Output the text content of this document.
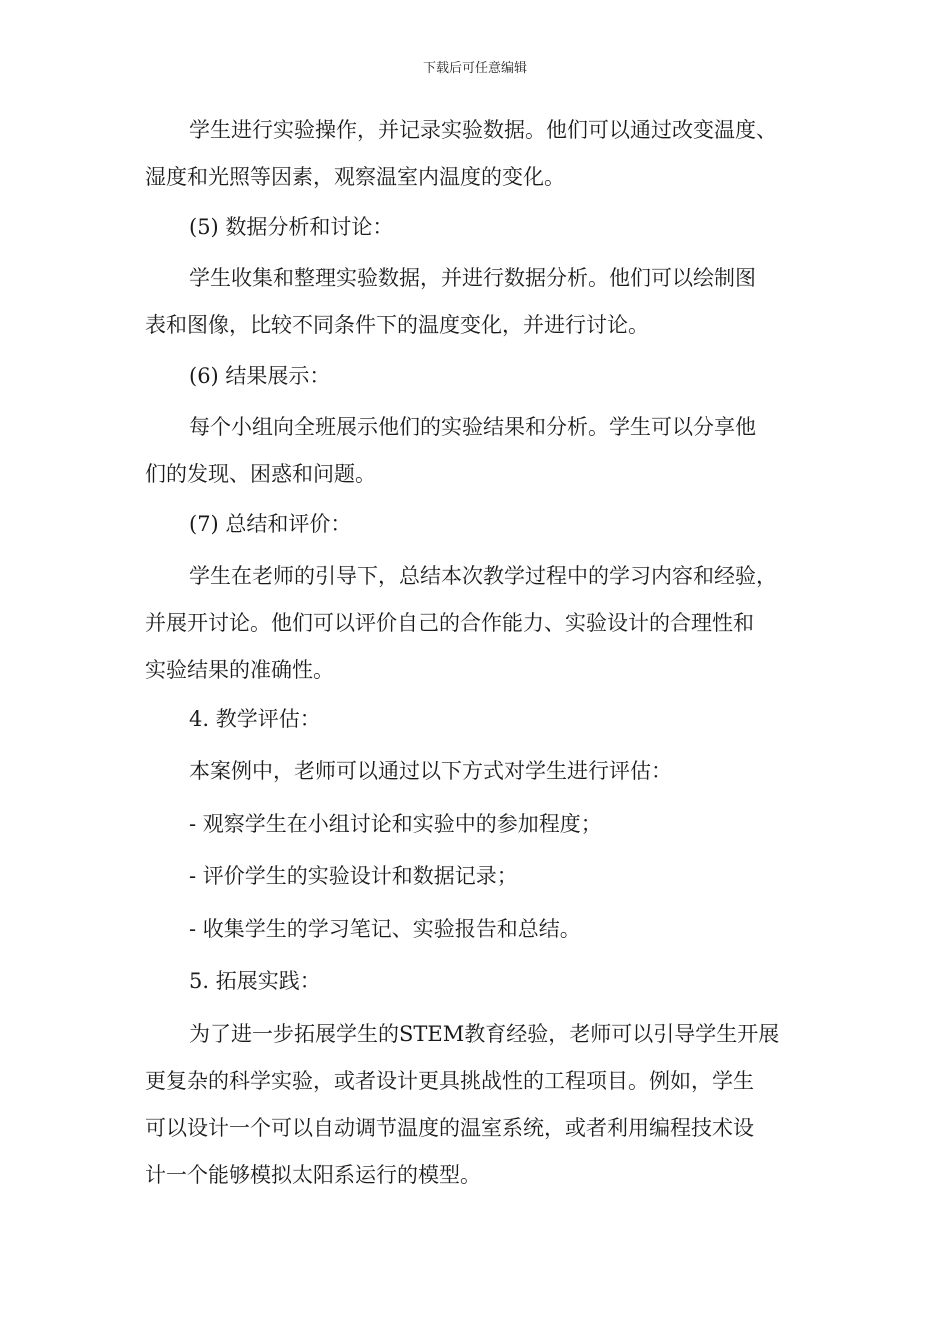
下载后可任意编辑
学生进行实验操作，并记录实验数据。他们可以通过改变温度、
湿度和光照等因素，观察温室内温度的变化。
(5) 数据分析和讨论：
学生收集和整理实验数据，并进行数据分析。他们可以绘制图
表和图像，比较不同条件下的温度变化，并进行讨论。
(6) 结果展示：
每个小组向全班展示他们的实验结果和分析。学生可以分享他
们的发现、困惑和问题。
(7) 总结和评价：
学生在老师的引导下，总结本次教学过程中的学习内容和经验，
并展开讨论。他们可以评价自己的合作能力、实验设计的合理性和
实验结果的准确性。
4. 教学评估：
本案例中，老师可以通过以下方式对学生进行评估：
- 观察学生在小组讨论和实验中的参加程度；
- 评价学生的实验设计和数据记录；
- 收集学生的学习笔记、实验报告和总结。
5. 拓展实践：
为了进一步拓展学生的STEM教育经验，老师可以引导学生开展
更复杂的科学实验，或者设计更具挑战性的工程项目。例如，学生
可以设计一个可以自动调节温度的温室系统，或者利用编程技术设
计一个能够模拟太阳系运行的模型。
